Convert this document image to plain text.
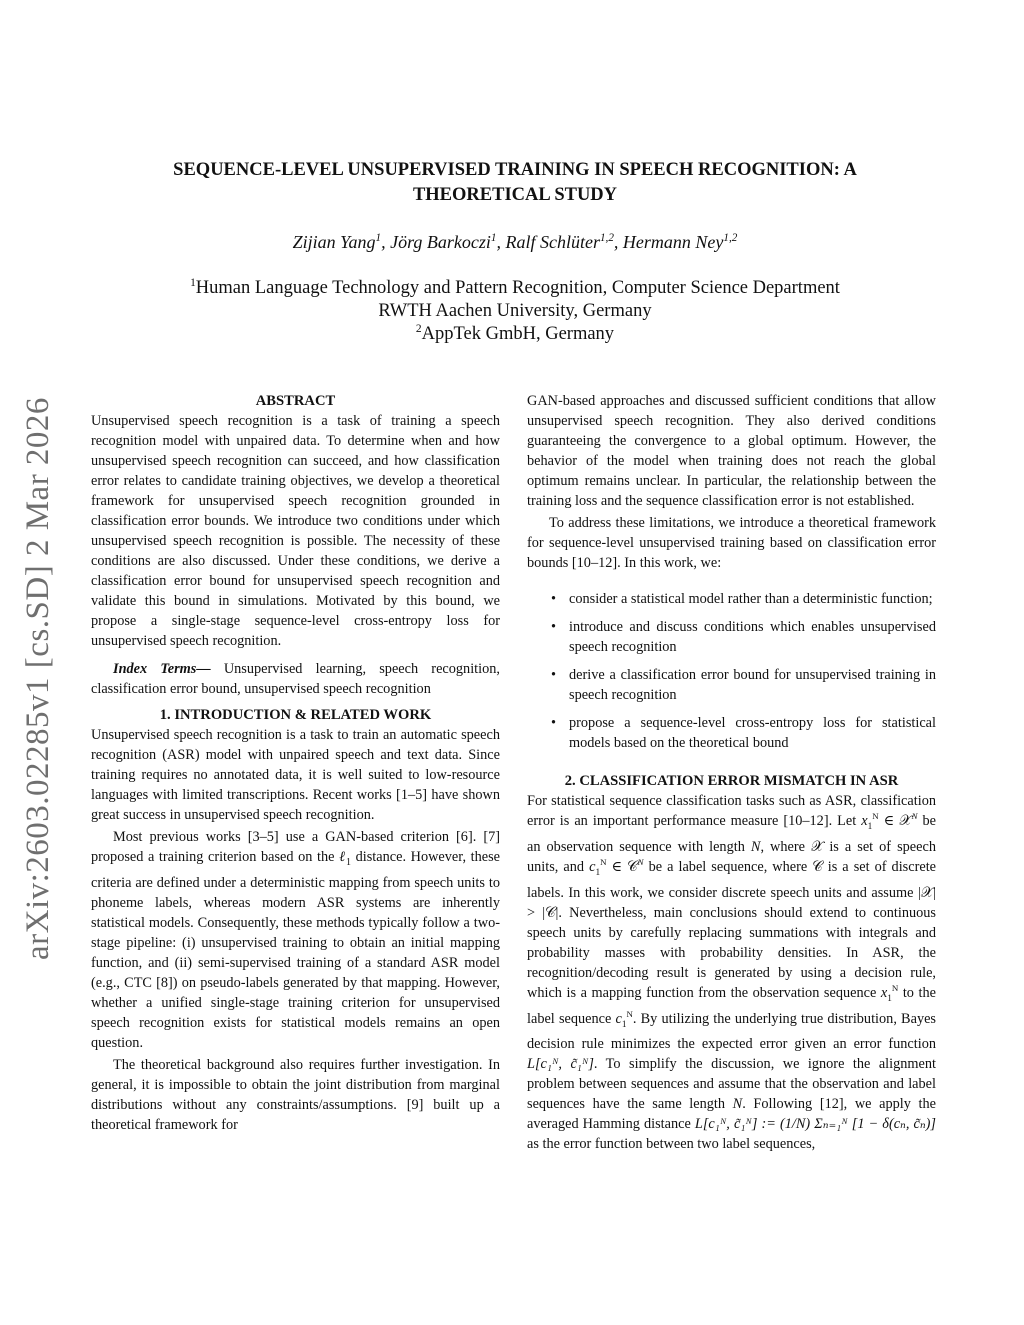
arXiv:2603.02285v1 [cs.SD] 2 Mar 2026
SEQUENCE-LEVEL UNSUPERVISED TRAINING IN SPEECH RECOGNITION: A
THEORETICAL STUDY
Zijian Yang$^1$, Jörg Barkoczi$^1$, Ralf Schlüter$^{1,2}$, Hermann Ney$^{1,2}$
$^1$Human Language Technology and Pattern Recognition, Computer Science Department
RWTH Aachen University, Germany
$^2$AppTek GmbH, Germany
ABSTRACT

Unsupervised speech recognition is a task of training a speech recognition model with unpaired data. To determine when and how unsupervised speech recognition can succeed, and how classification error relates to candidate training objectives, we develop a theoretical framework for unsupervised speech recognition grounded in classification error bounds. We introduce two conditions under which unsupervised speech recognition is possible. The necessity of these conditions are also discussed. Under these conditions, we derive a classification error bound for unsupervised speech recognition and validate this bound in simulations. Motivated by this bound, we propose a single-stage sequence-level cross-entropy loss for unsupervised speech recognition.

Index Terms— Unsupervised learning, speech recognition, classification error bound, unsupervised speech recognition

1. INTRODUCTION & RELATED WORK

Unsupervised speech recognition is a task to train an automatic speech recognition (ASR) model with unpaired speech and text data. Since training requires no annotated data, it is well suited to low-resource languages with limited transcriptions. Recent works [1–5] have shown great success in unsupervised speech recognition.

Most previous works [3–5] use a GAN-based criterion [6]. [7] proposed a training criterion based on the ℓ$_1$ distance. However, these criteria are defined under a deterministic mapping from speech units to phoneme labels, whereas modern ASR systems are inherently statistical models. Consequently, these methods typically follow a two-stage pipeline: (i) unsupervised training to obtain an initial mapping function, and (ii) semi-supervised training of a standard ASR model (e.g., CTC [8]) on pseudo-labels generated by that mapping. However, whether a unified single-stage training criterion for unsupervised speech recognition exists for statistical models remains an open question.

The theoretical background also requires further investigation. In general, it is impossible to obtain the joint distribution from marginal distributions without any constraints/assumptions. [9] built up a theoretical framework for

GAN-based approaches and discussed sufficient conditions that allow unsupervised speech recognition. They also derived conditions guaranteeing the convergence to a global optimum. However, the behavior of the model when training does not reach the global optimum remains unclear. In particular, the relationship between the training loss and the sequence classification error is not established.

To address these limitations, we introduce a theoretical framework for sequence-level unsupervised training based on classification error bounds [10–12]. In this work, we:

• consider a statistical model rather than a deterministic function;
• introduce and discuss conditions which enables unsupervised speech recognition
• derive a classification error bound for unsupervised training in speech recognition
• propose a sequence-level cross-entropy loss for statistical models based on the theoretical bound
2. CLASSIFICATION ERROR MISMATCH IN ASR

For statistical sequence classification tasks such as ASR, classification error is an important performance measure [10–12]. Let $x_1^N$ ∈ 𝒳$^N$ be an observation sequence with length N, where 𝒳 is a set of speech units, and $c_1^N$ ∈ 𝒞$^N$ be a label sequence, where 𝒞 is a set of discrete labels. In this work, we consider discrete speech units and assume |𝒳| > |𝒞|. Nevertheless, main conclusions should extend to continuous speech units by carefully replacing summations with integrals and probability masses with probability densities. In ASR, the recognition/decoding result is generated by using a decision rule, which is a mapping function from the observation sequence $x_1^N$ to the label sequence $c_1^N$. By utilizing the underlying true distribution, Bayes decision rule minimizes the expected error given an error function L[c₁ᴺ, c̃₁ᴺ]. To simplify the discussion, we ignore the alignment problem between sequences and assume that the observation and label sequences have the same length N. Following [12], we apply the averaged Hamming distance L[c₁ᴺ, c̃₁ᴺ] := (1/N) Σₙ₌₁ᴺ [1 − δ(cₙ, c̃ₙ)] as the error function between two label sequences,
